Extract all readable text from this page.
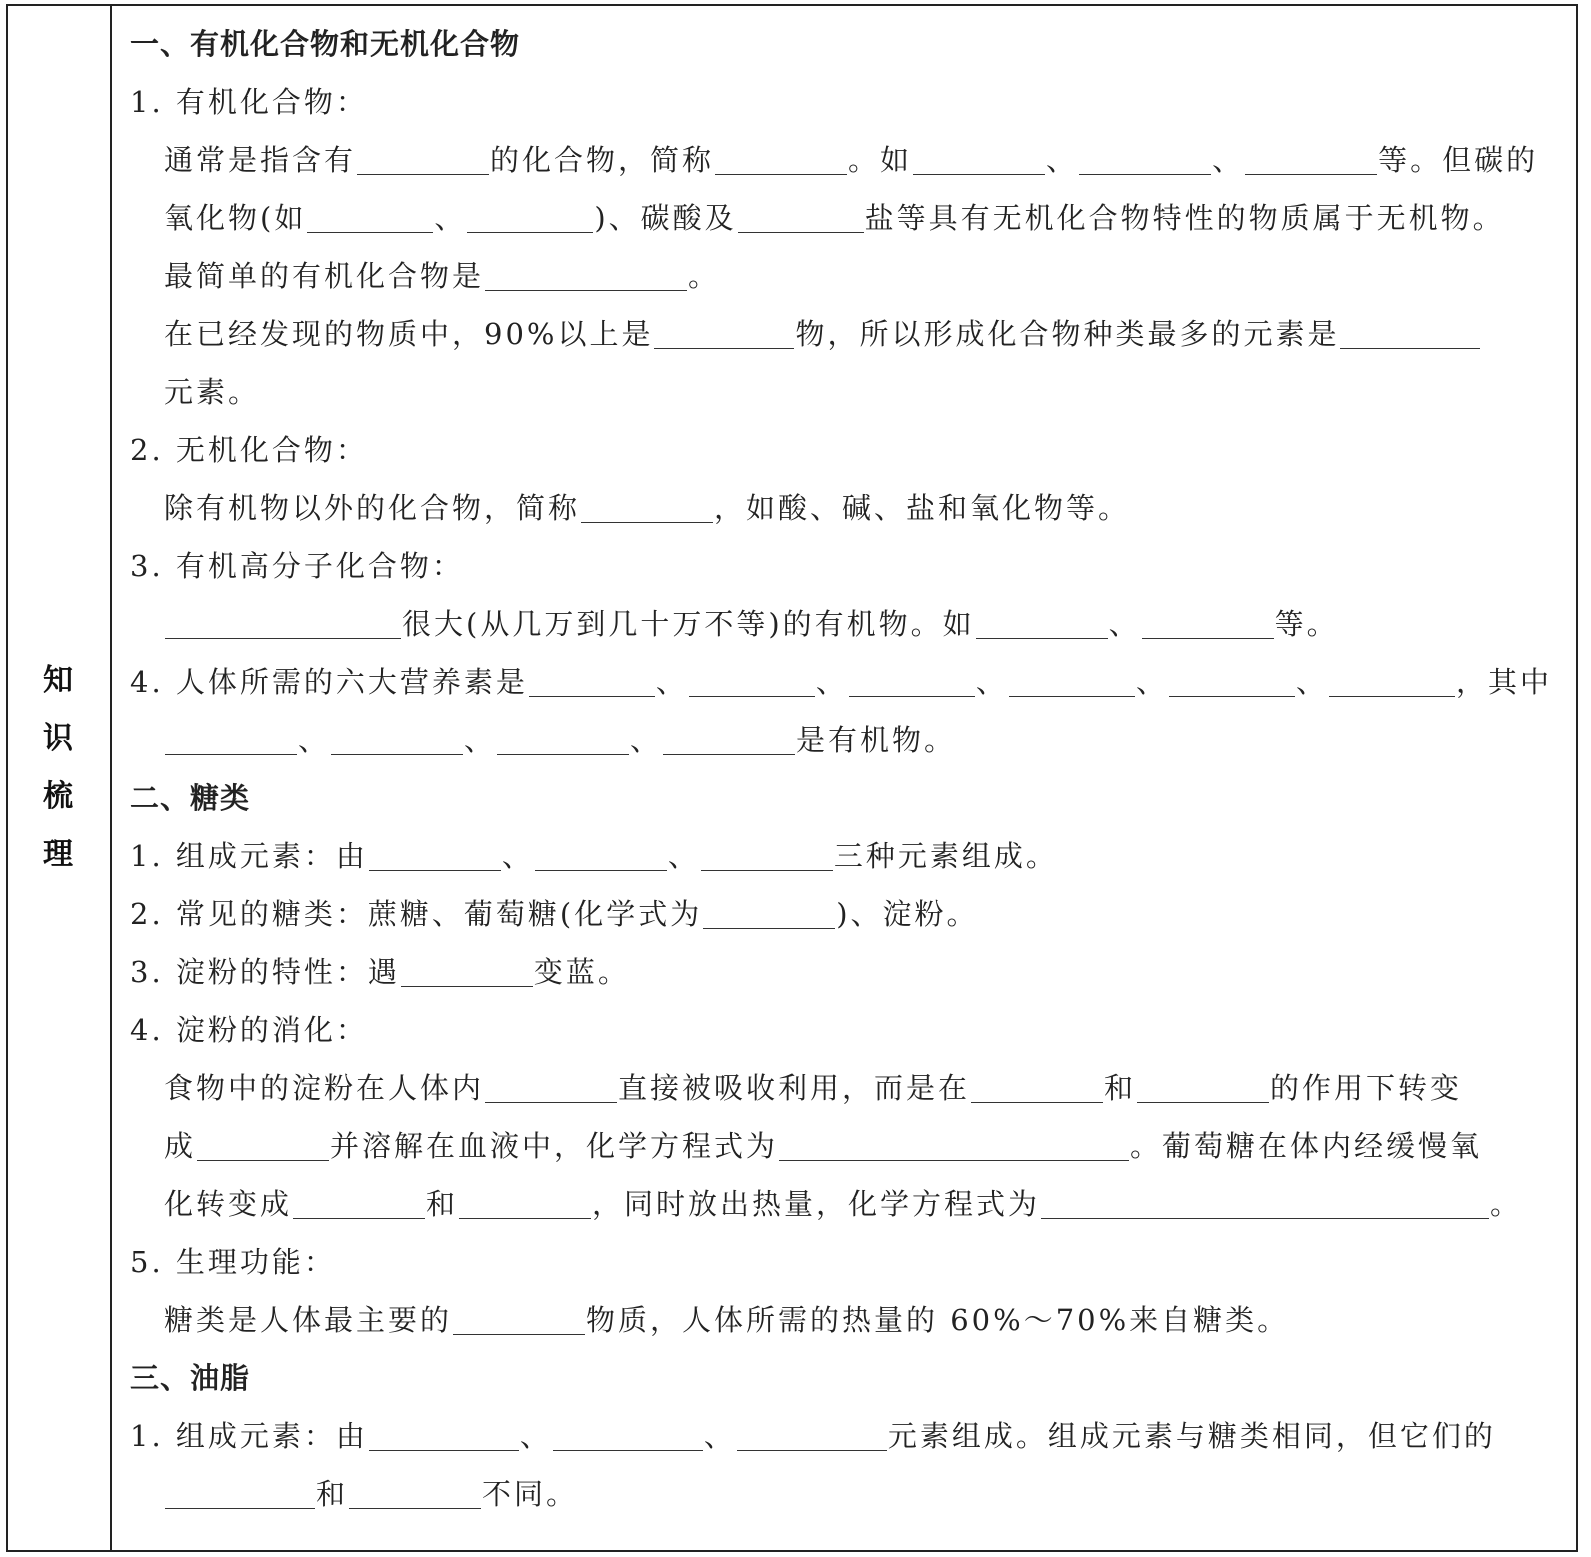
知
识
梳
理
一、有机化合物和无机化合物
1. 有机化合物：
通常是指含有	的化合物，简称	。如	、	、	等。但碳的
氧化物(如	、	)、碳酸及	盐等具有无机化合物特性的物质属于无机物。
最简单的有机化合物是	。
在已经发现的物质中，90%以上是	物，所以形成化合物种类最多的元素是
元素。
2. 无机化合物：
除有机物以外的化合物，简称	，如酸、碱、盐和氧化物等。
3. 有机高分子化合物：
很大(从几万到几十万不等)的有机物。如	、	等。
4. 人体所需的六大营养素是	、	、	、	、	、	，其中
、	、	、	是有机物。
二、糖类
1. 组成元素：由	、	、	三种元素组成。
2. 常见的糖类：蔗糖、葡萄糖(化学式为	)、淀粉。
3. 淀粉的特性：遇	变蓝。
4. 淀粉的消化：
食物中的淀粉在人体内	直接被吸收利用，而是在	和	的作用下转变
成	并溶解在血液中，化学方程式为	。葡萄糖在体内经缓慢氧
化转变成	和	，同时放出热量，化学方程式为	。
5. 生理功能：
糖类是人体最主要的	物质，人体所需的热量的 60%～70%来自糖类。
三、油脂
1. 组成元素：由	、	、	元素组成。组成元素与糖类相同，但它们的
和	不同。
